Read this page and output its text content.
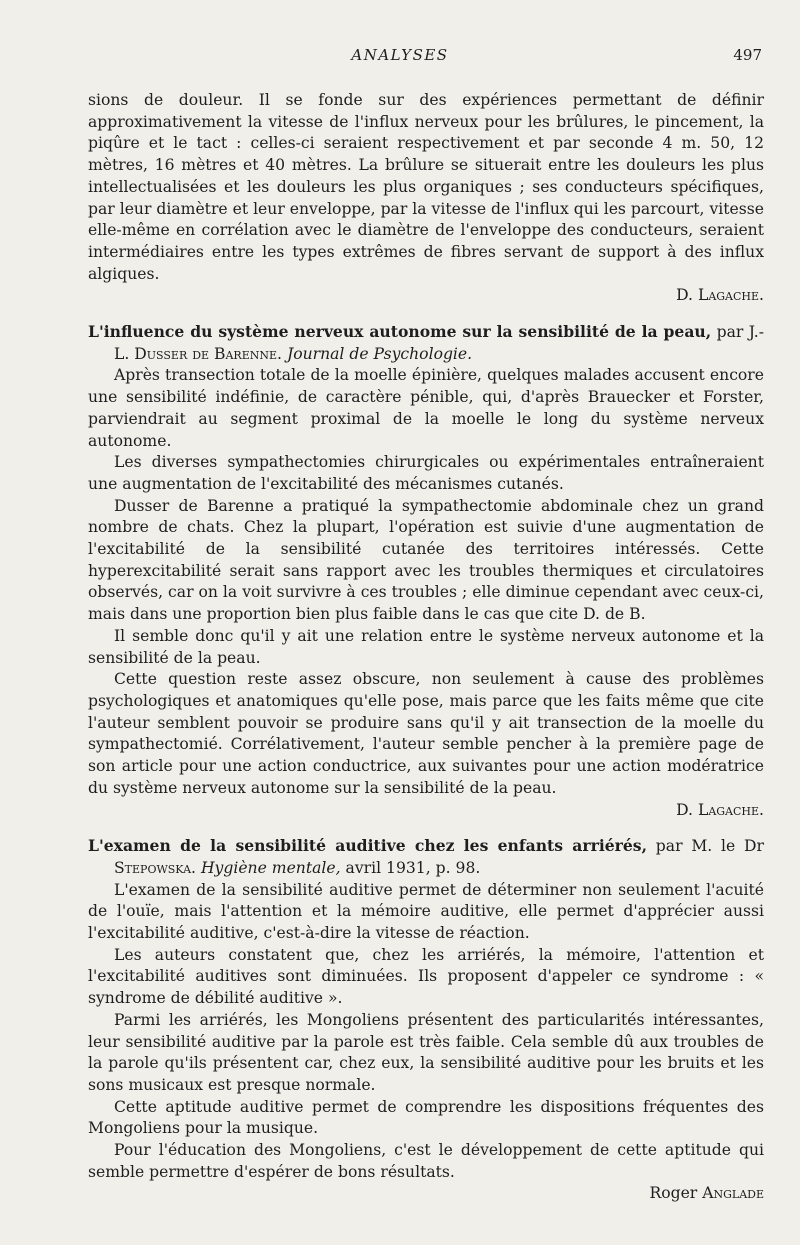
ANALYSES	497

sions de douleur. Il se fonde sur des expériences permettant de définir approximativement la vitesse de l'influx nerveux pour les brûlures, le pincement, la piqûre et le tact : celles-ci seraient respectivement et par seconde 4 m. 50, 12 mètres, 16 mètres et 40 mètres. La brûlure se situerait entre les douleurs les plus intellectualisées et les douleurs les plus organiques ; ses conducteurs spécifiques, par leur diamètre et leur enveloppe, par la vitesse de l'influx qui les parcourt, vitesse elle-même en corrélation avec le diamètre de l'enveloppe des conducteurs, seraient intermédiaires entre les types extrêmes de fibres servant de support à des influx algiques.

D. Lagache.

L'influence du système nerveux autonome sur la sensibilité de la peau, par J.-L. Dusser de Barenne. Journal de Psychologie.

Après transection totale de la moelle épinière, quelques malades accusent encore une sensibilité indéfinie, de caractère pénible, qui, d'après Brauecker et Forster, parviendrait au segment proximal de la moelle le long du système nerveux autonome.

Les diverses sympathectomies chirurgicales ou expérimentales entraîneraient une augmentation de l'excitabilité des mécanismes cutanés.

Dusser de Barenne a pratiqué la sympathectomie abdominale chez un grand nombre de chats. Chez la plupart, l'opération est suivie d'une augmentation de l'excitabilité de la sensibilité cutanée des territoires intéressés. Cette hyperexcitabilité serait sans rapport avec les troubles thermiques et circulatoires observés, car on la voit survivre à ces troubles ; elle diminue cependant avec ceux-ci, mais dans une proportion bien plus faible dans le cas que cite D. de B.

Il semble donc qu'il y ait une relation entre le système nerveux autonome et la sensibilité de la peau.

Cette question reste assez obscure, non seulement à cause des problèmes psychologiques et anatomiques qu'elle pose, mais parce que les faits même que cite l'auteur semblent pouvoir se produire sans qu'il y ait transection de la moelle du sympathectomié. Corrélativement, l'auteur semble pencher à la première page de son article pour une action conductrice, aux suivantes pour une action modératrice du système nerveux autonome sur la sensibilité de la peau.

D. Lagache.

L'examen de la sensibilité auditive chez les enfants arriérés, par M. le Dr Stepowska. Hygiène mentale, avril 1931, p. 98.

L'examen de la sensibilité auditive permet de déterminer non seulement l'acuité de l'ouïe, mais l'attention et la mémoire auditive, elle permet d'apprécier aussi l'excitabilité auditive, c'est-à-dire la vitesse de réaction.

Les auteurs constatent que, chez les arriérés, la mémoire, l'attention et l'excitabilité auditives sont diminuées. Ils proposent d'appeler ce syndrome : « syndrome de débilité auditive ».

Parmi les arriérés, les Mongoliens présentent des particularités intéressantes, leur sensibilité auditive par la parole est très faible. Cela semble dû aux troubles de la parole qu'ils présentent car, chez eux, la sensibilité auditive pour les bruits et les sons musicaux est presque normale.

Cette aptitude auditive permet de comprendre les dispositions fréquentes des Mongoliens pour la musique.

Pour l'éducation des Mongoliens, c'est le développement de cette aptitude qui semble permettre d'espérer de bons résultats.

Roger Anglade
